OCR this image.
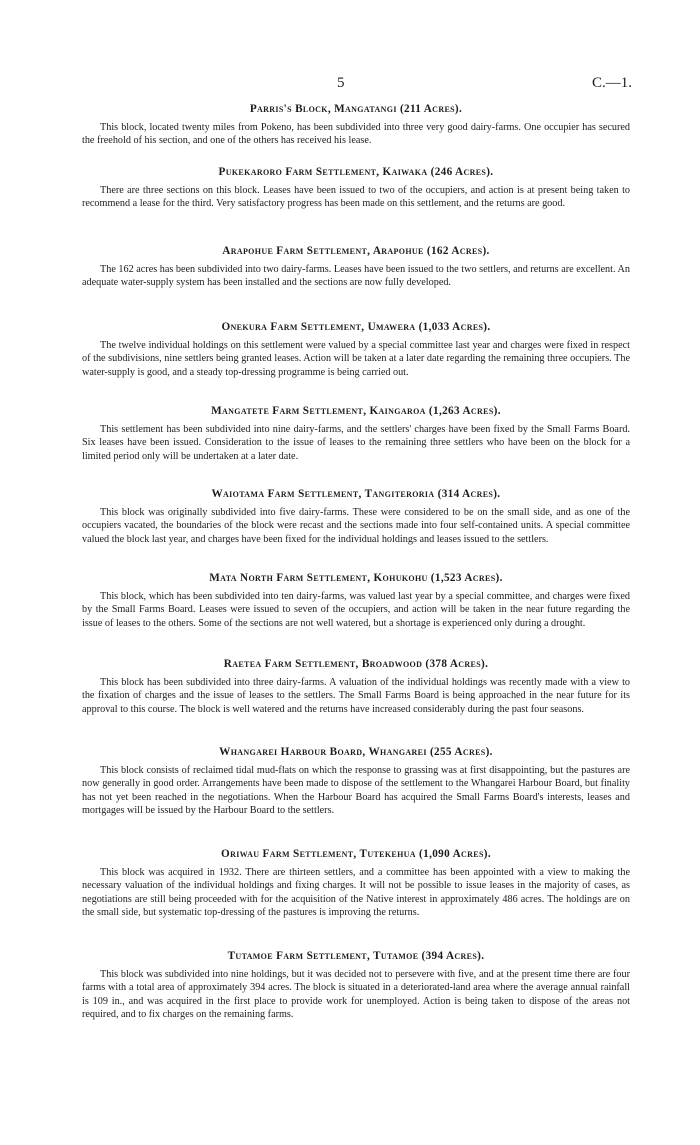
5	C.—1.
Parris's Block, Mangatangi (211 Acres).

This block, located twenty miles from Pokeno, has been subdivided into three very good dairy-farms. One occupier has secured the freehold of his section, and one of the others has received his lease.

Pukekaroro Farm Settlement, Kaiwaka (246 Acres).

There are three sections on this block. Leases have been issued to two of the occupiers, and action is at present being taken to recommend a lease for the third. Very satisfactory progress has been made on this settlement, and the returns are good.

Arapohue Farm Settlement, Arapohue (162 Acres).

The 162 acres has been subdivided into two dairy-farms. Leases have been issued to the two settlers, and returns are excellent. An adequate water-supply system has been installed and the sections are now fully developed.

Onekura Farm Settlement, Umawera (1,033 Acres).

The twelve individual holdings on this settlement were valued by a special committee last year and charges were fixed in respect of the subdivisions, nine settlers being granted leases. Action will be taken at a later date regarding the remaining three occupiers. The water-supply is good, and a steady top-dressing programme is being carried out.

Mangatete Farm Settlement, Kaingaroa (1,263 Acres).

This settlement has been subdivided into nine dairy-farms, and the settlers' charges have been fixed by the Small Farms Board. Six leases have been issued. Consideration to the issue of leases to the remaining three settlers who have been on the block for a limited period only will be undertaken at a later date.

Waiotama Farm Settlement, Tangiteroria (314 Acres).

This block was originally subdivided into five dairy-farms. These were considered to be on the small side, and as one of the occupiers vacated, the boundaries of the block were recast and the sections made into four self-contained units. A special committee valued the block last year, and charges have been fixed for the individual holdings and leases issued to the settlers.

Mata North Farm Settlement, Kohukohu (1,523 Acres).

This block, which has been subdivided into ten dairy-farms, was valued last year by a special committee, and charges were fixed by the Small Farms Board. Leases were issued to seven of the occupiers, and action will be taken in the near future regarding the issue of leases to the others. Some of the sections are not well watered, but a shortage is experienced only during a drought.

Raetea Farm Settlement, Broadwood (378 Acres).

This block has been subdivided into three dairy-farms. A valuation of the individual holdings was recently made with a view to the fixation of charges and the issue of leases to the settlers. The Small Farms Board is being approached in the near future for its approval to this course. The block is well watered and the returns have increased considerably during the past four seasons.

Whangarei Harbour Board, Whangarei (255 Acres).

This block consists of reclaimed tidal mud-flats on which the response to grassing was at first disappointing, but the pastures are now generally in good order. Arrangements have been made to dispose of the settlement to the Whangarei Harbour Board, but finality has not yet been reached in the negotiations. When the Harbour Board has acquired the Small Farms Board's interests, leases and mortgages will be issued by the Harbour Board to the settlers.

Oriwau Farm Settlement, Tutekehua (1,090 Acres).

This block was acquired in 1932. There are thirteen settlers, and a committee has been appointed with a view to making the necessary valuation of the individual holdings and fixing charges. It will not be possible to issue leases in the majority of cases, as negotiations are still being proceeded with for the acquisition of the Native interest in approximately 486 acres. The holdings are on the small side, but systematic top-dressing of the pastures is improving the returns.

Tutamoe Farm Settlement, Tutamoe (394 Acres).

This block was subdivided into nine holdings, but it was decided not to persevere with five, and at the present time there are four farms with a total area of approximately 394 acres. The block is situated in a deteriorated-land area where the average annual rainfall is 109 in., and was acquired in the first place to provide work for unemployed. Action is being taken to dispose of the areas not required, and to fix charges on the remaining farms.
